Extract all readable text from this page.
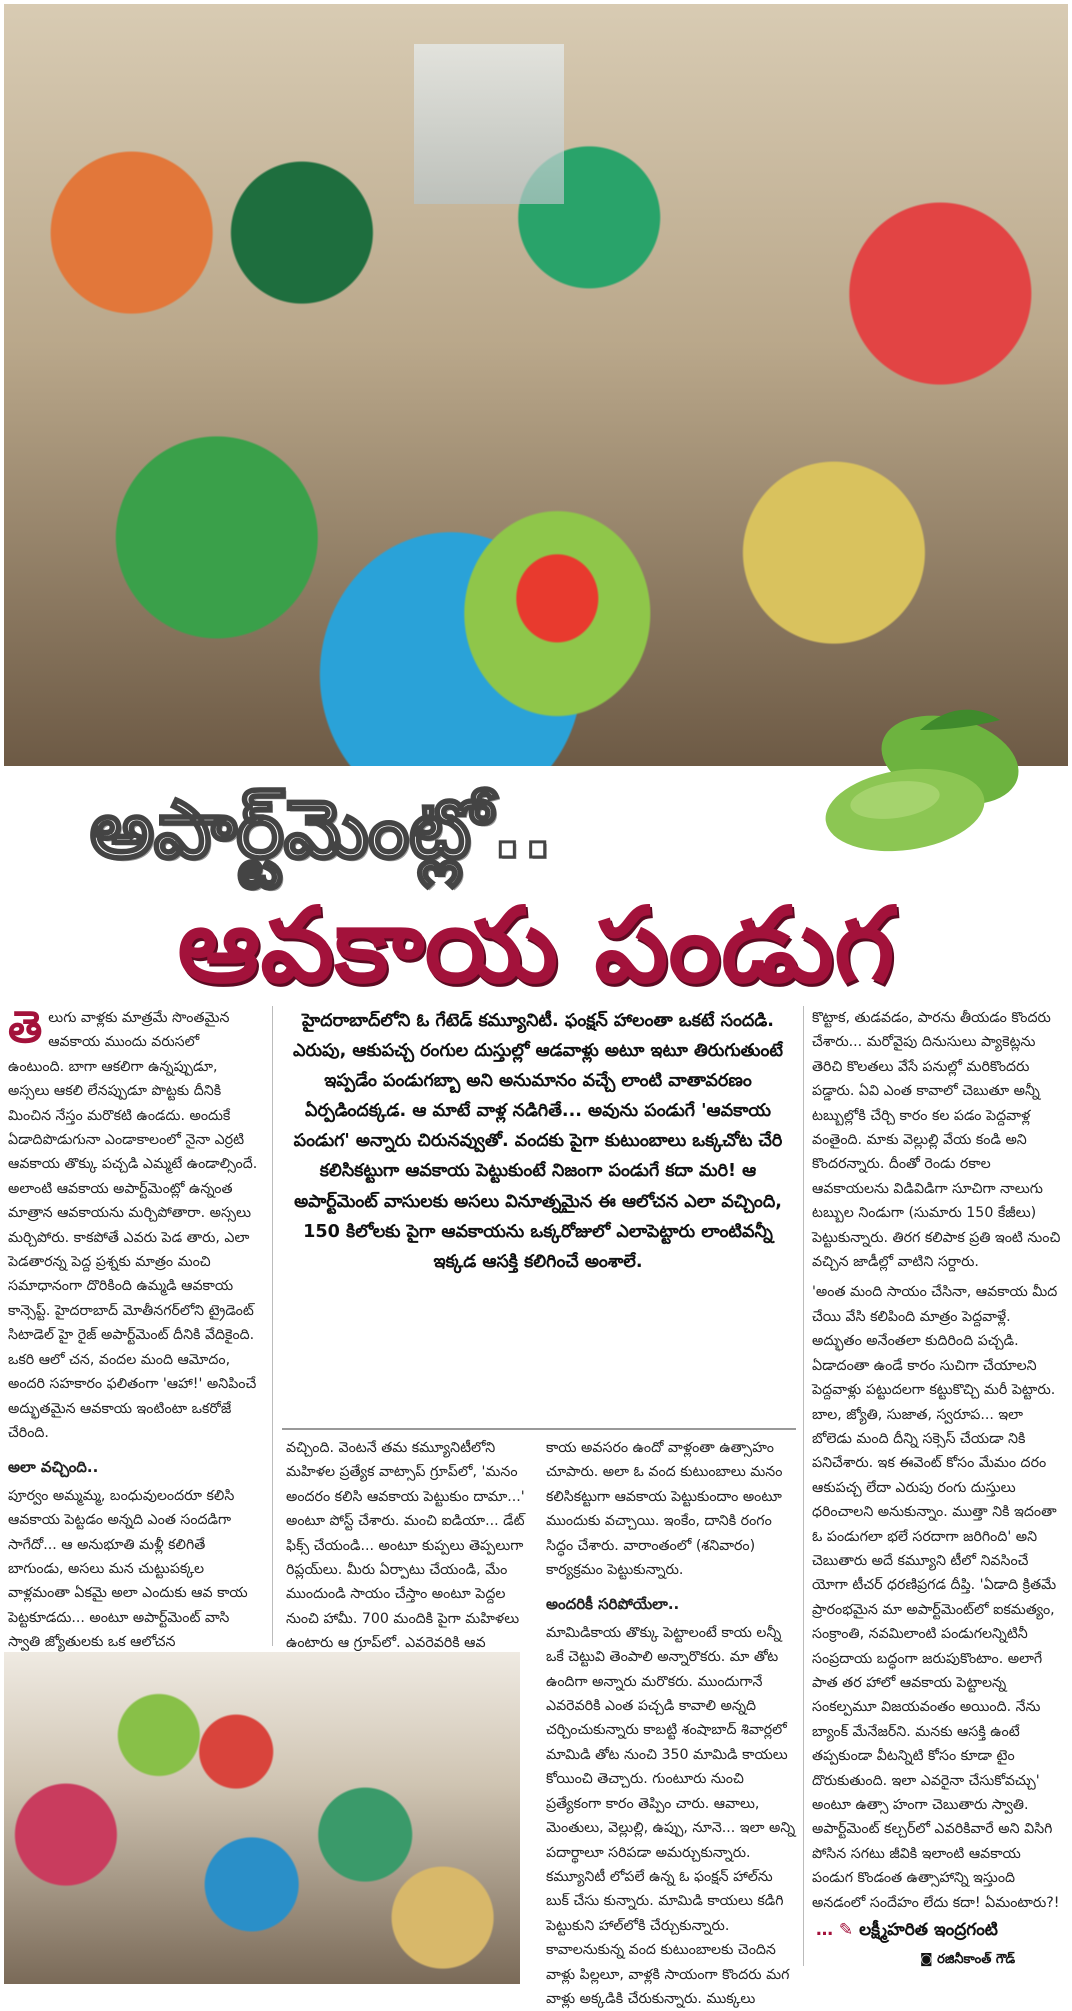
అపార్ట్‌మెంట్లో..
ఆవకాయ పండుగ

తెలుగు వాళ్లకు మాత్రమే సొంతమైన ఆవకాయ ముందు వరుసలో ఉంటుంది. బాగా ఆకలిగా ఉన్నప్పుడూ, అస్సలు ఆకలి లేనప్పుడూ పొట్టకు దీనికి మించిన నేస్తం మరొకటి ఉండదు. అందుకే ఏడాదిపొడుగునా ఎండాకాలంలో నైనా ఎర్రటి ఆవకాయ తొక్కు పచ్చడి ఎమ్మటే ఉండాల్సిందే. అలాంటి ఆవకాయ అపార్ట్‌మెంట్లో ఉన్నంత మాత్రాన ఆవకాయను మర్చిపోతారా. అస్సలు మర్చిపోరు. కాకపోతే ఎవరు పెడ తారు, ఎలా పెడతారన్న పెద్ద ప్రశ్నకు మాత్రం మంచి సమాధానంగా దొరికింది ఉమ్మడి ఆవకాయ కాన్సెప్ట్. హైదరాబాద్ మోతీనగర్‌లోని ట్రైడెంట్ సిటాడెల్ హై రైజ్ అపార్ట్‌మెంట్ దీనికి వేదికైంది. ఒకరి ఆలో చన, వందల మంది ఆమోదం, అందరి సహకారం ఫలితంగా 'ఆహా!' అనిపించే అద్భుతమైన ఆవకాయ ఇంటింటా ఒకరోజే చేరింది.

అలా వచ్చింది..

పూర్వం అమ్మమ్మ, బంధువులందరూ కలిసి ఆవకాయ పెట్టడం అన్నది ఎంత సందడిగా సాగేదో... ఆ అనుభూతి మళ్లీ కలిగితే బాగుండు, అసలు మన చుట్టుపక్కల వాళ్లమంతా ఏకమై అలా ఎందుకు ఆవ కాయ పెట్టకూడదు... అంటూ అపార్ట్‌మెంట్ వాసి స్వాతి జ్యోతులకు ఒక ఆలోచన

హైదరాబాద్‌లోని ఓ గేటెడ్ కమ్యూనిటీ. ఫంక్షన్ హాలంతా ఒకటే సందడి. ఎరుపు, ఆకుపచ్చ రంగుల దుస్తుల్లో ఆడవాళ్లు అటూ ఇటూ తిరుగుతుంటే ఇప్పడేం పండుగబ్బా అని అనుమానం వచ్చే లాంటి వాతావరణం ఏర్పడిందక్కడ. ఆ మాటే వాళ్ల నడిగితే... అవును పండుగే 'ఆవకాయ పండుగ' అన్నారు చిరునవ్వుతో. వందకు పైగా కుటుంబాలు ఒక్కచోట చేరి కలిసికట్టుగా ఆవకాయ పెట్టుకుంటే నిజంగా పండుగే కదా మరి! ఆ అపార్ట్‌మెంట్ వాసులకు అసలు వినూత్నమైన ఈ ఆలోచన ఎలా వచ్చింది, 150 కిలోలకు పైగా ఆవకాయను ఒక్కరోజులో ఎలాపెట్టారు లాంటివన్నీ ఇక్కడ ఆసక్తి కలిగించే అంశాలే.

వచ్చింది. వెంటనే తమ కమ్యూనిటీలోని మహిళల ప్రత్యేక వాట్సాప్ గ్రూప్‌లో, 'మనం అందరం కలిసి ఆవకాయ పెట్టుకుం దామా...' అంటూ పోస్ట్ చేశారు. మంచి ఐడియా... డేట్ ఫిక్స్ చేయండి... అంటూ కుప్పలు తెప్పలుగా రిప్లయ్‌లు. మీరు ఏర్పాటు చేయండి, మేం ముందుండి సాయం చేస్తాం అంటూ పెద్దల నుంచి హామీ. 700 మందికి పైగా మహిళలు ఉంటారు ఆ గ్రూప్‌లో. ఎవరెవరికి ఆవ

కాయ అవసరం ఉందో వాళ్లంతా ఉత్సాహం చూపారు. అలా ఓ వంద కుటుంబాలు మనం కలిసికట్టుగా ఆవకాయ పెట్టుకుందాం అంటూ ముందుకు వచ్చాయి. ఇంకేం, దానికి రంగం సిద్ధం చేశారు. వారాంతంలో (శనివారం) కార్యక్రమం పెట్టుకున్నారు.

అందరికీ సరిపోయేలా..

మామిడికాయ తొక్కు పెట్టాలంటే కాయ లన్నీ ఒకే చెట్టువి తెంపాలి అన్నారొకరు. మా తోట ఉందిగా అన్నారు మరొకరు. ముందుగానే ఎవరెవరికి ఎంత పచ్చడి కావాలి అన్నది చర్చించుకున్నారు కాబట్టి శంషాబాద్ శివార్లలో మామిడి తోట నుంచి 350 మామిడి కాయలు కోయించి తెచ్చారు. గుంటూరు నుంచి ప్రత్యేకంగా కారం తెప్పిం చారు. ఆవాలు, మెంతులు, వెల్లుల్లి, ఉప్పు, నూనె... ఇలా అన్ని పదార్థాలూ సరిపడా అమర్చుకున్నారు. కమ్యూనిటీ లోపలే ఉన్న ఓ ఫంక్షన్ హాల్‌ను బుక్ చేసు కున్నారు. మామిడి కాయలు కడిగి పెట్టుకుని హాల్‌లోకి చేర్చుకున్నారు. కావాలనుకున్న వంద కుటుంబాలకు చెందిన వాళ్లు పిల్లలూ, వాళ్లకి సాయంగా కొందరు మగ వాళ్లు అక్కడికి చేరుకున్నారు. ముక్కలు

కొట్టాక, తుడవడం, పారను తీయడం కొందరు చేశారు... మరోవైపు దినుసులు ప్యాకెట్లను తెరిచి కొలతలు వేసే పనుల్లో మరికొందరు పడ్డారు. ఏవి ఎంత కావాలో చెబుతూ అన్నీ టబ్బుల్లోకి చేర్చి కారం కల పడం పెద్దవాళ్ల వంతైంది. మాకు వెల్లుల్లి వేయ కండి అని కొందరన్నారు. దీంతో రెండు రకాల ఆవకాయలను విడివిడిగా సూచిగా నాలుగు టబ్బుల నిండుగా (సుమారు 150 కేజీలు) పెట్టుకున్నారు. తిరగ కలిపాక ప్రతి ఇంటి నుంచి వచ్చిన జాడీల్లో వాటిని సర్దారు.

'అంత మంది సాయం చేసినా, ఆవకాయ మీద చేయి వేసి కలిపింది మాత్రం పెద్దవాళ్లే. అద్భుతం అనేంతలా కుదిరింది పచ్చడి. ఏడాదంతా ఉండే కారం సుచిగా చేయాలని పెద్దవాళ్లు పట్టుదలగా కట్టుకొచ్చి మరీ పెట్టారు. బాల, జ్యోతి, సుజాత, స్వరూప... ఇలా బోలెడు మంది దీన్ని సక్సెస్ చేయడా నికి పనిచేశారు. ఇక ఈవెంట్ కోసం మేమం దరం ఆకుపచ్చ లేదా ఎరుపు రంగు దుస్తులు ధరించాలని అనుకున్నాం. ముత్తా నికి ఇదంతా ఓ పండుగలా భలే సరదాగా జరిగింది' అని చెబుతారు అదే కమ్యూని టీలో నివసించే యోగా టీచర్ ధరణిప్రగడ దీప్తి. 'ఏడాది క్రితమే ప్రారంభమైన మా అపార్ట్‌మెంట్‌లో ఐకమత్యం, సంక్రాంతి, నవమిలాంటి పండుగలన్నిటినీ సంప్రదాయ బద్ధంగా జరుపుకొంటాం. అలాగే పాత తర హాలో ఆవకాయ పెట్టాలన్న సంకల్పమూ విజయవంతం అయింది. నేను బ్యాంక్ మేనేజర్‌ని. మనకు ఆసక్తి ఉంటే తప్పకుండా వీటన్నిటి కోసం కూడా టైం దొరుకుతుంది. ఇలా ఎవరైనా చేసుకోవచ్చు' అంటూ ఉత్సా హంగా చెబుతారు స్వాతి. అపార్ట్‌మెంట్ కల్చర్‌లో ఎవరికివారే అని విసిగి పోసిన సగటు జీవికి ఇలాంటి ఆవకాయ పండుగ కొండంత ఉత్సాహాన్ని ఇస్తుంది అనడంలో సందేహం లేదు కదా! ఏమంటారు?!

… ✎ లక్ష్మీహరిత ఇంద్రగంటి
◙ రజినీకాంత్ గౌడ్
